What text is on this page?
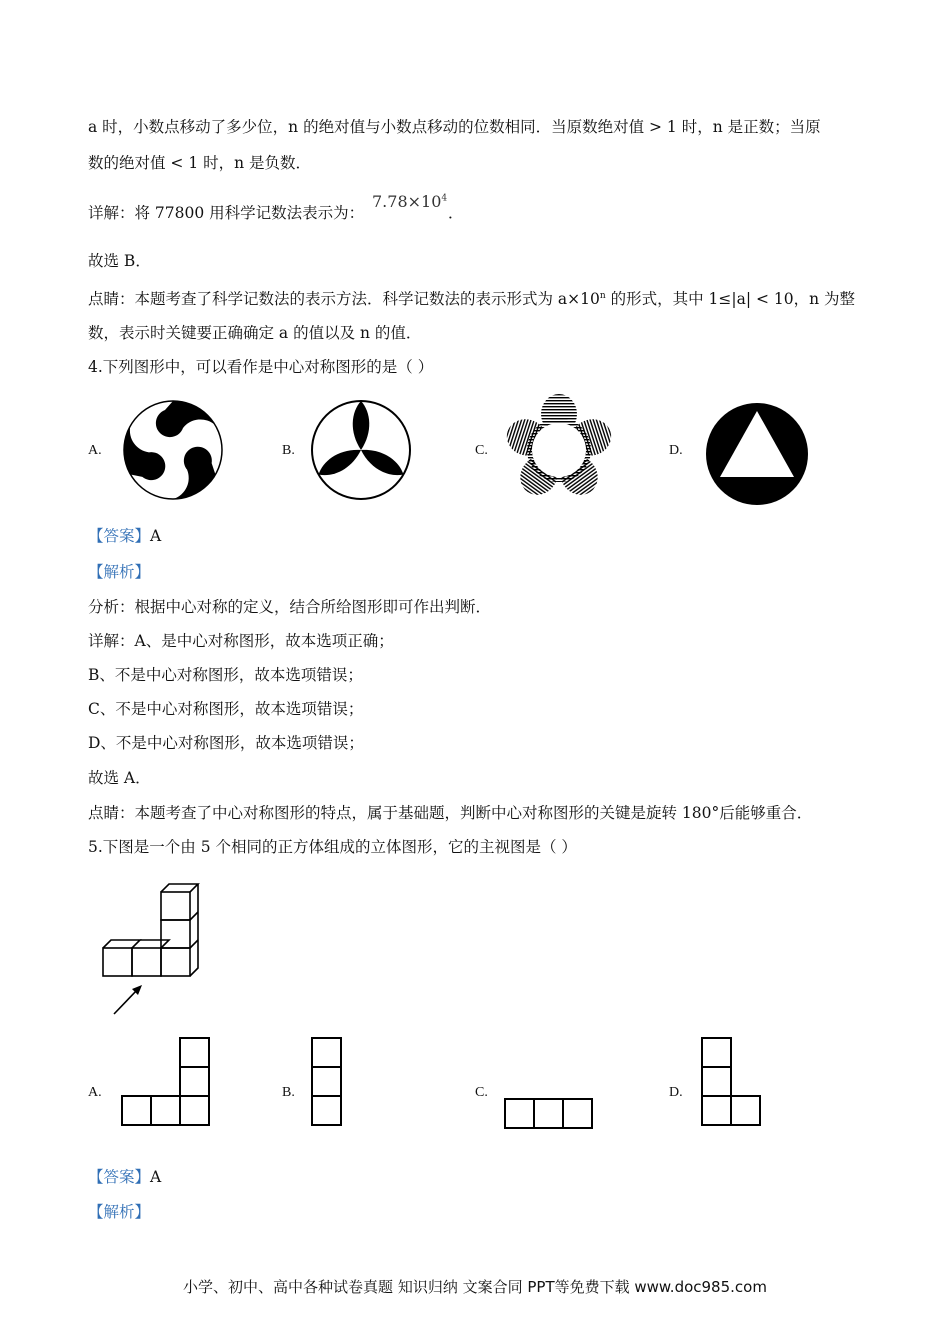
a 时，小数点移动了多少位，n 的绝对值与小数点移动的位数相同．当原数绝对值 > 1 时，n 是正数；当原
数的绝对值 < 1 时，n 是负数．
详解：将 77800 用科学记数法表示为：
$7.78\times 10^4$
．
故选 B．
点睛：本题考查了科学记数法的表示方法．科学记数法的表示形式为 $a\times 10^n$ 的形式，其中 1≤|a| < 10，n 为整
数，表示时关键要正确确定 a 的值以及 n 的值．
4.下列图形中，可以看作是中心对称图形的是（ ）
A.	B.	C.	D.
【答案】A
【解析】
分析：根据中心对称的定义，结合所给图形即可作出判断．
详解：A、是中心对称图形，故本选项正确；
B、不是中心对称图形，故本选项错误；
C、不是中心对称图形，故本选项错误；
D、不是中心对称图形，故本选项错误；
故选 A．
点睛：本题考查了中心对称图形的特点，属于基础题，判断中心对称图形的关键是旋转 180°后能够重合．
5.下图是一个由 5 个相同的正方体组成的立体图形，它的主视图是（ ）
A.	B.	C.	D.
【答案】A
【解析】
小学、初中、高中各种试卷真题 知识归纳 文案合同 PPT等免费下载 www.doc985.com
